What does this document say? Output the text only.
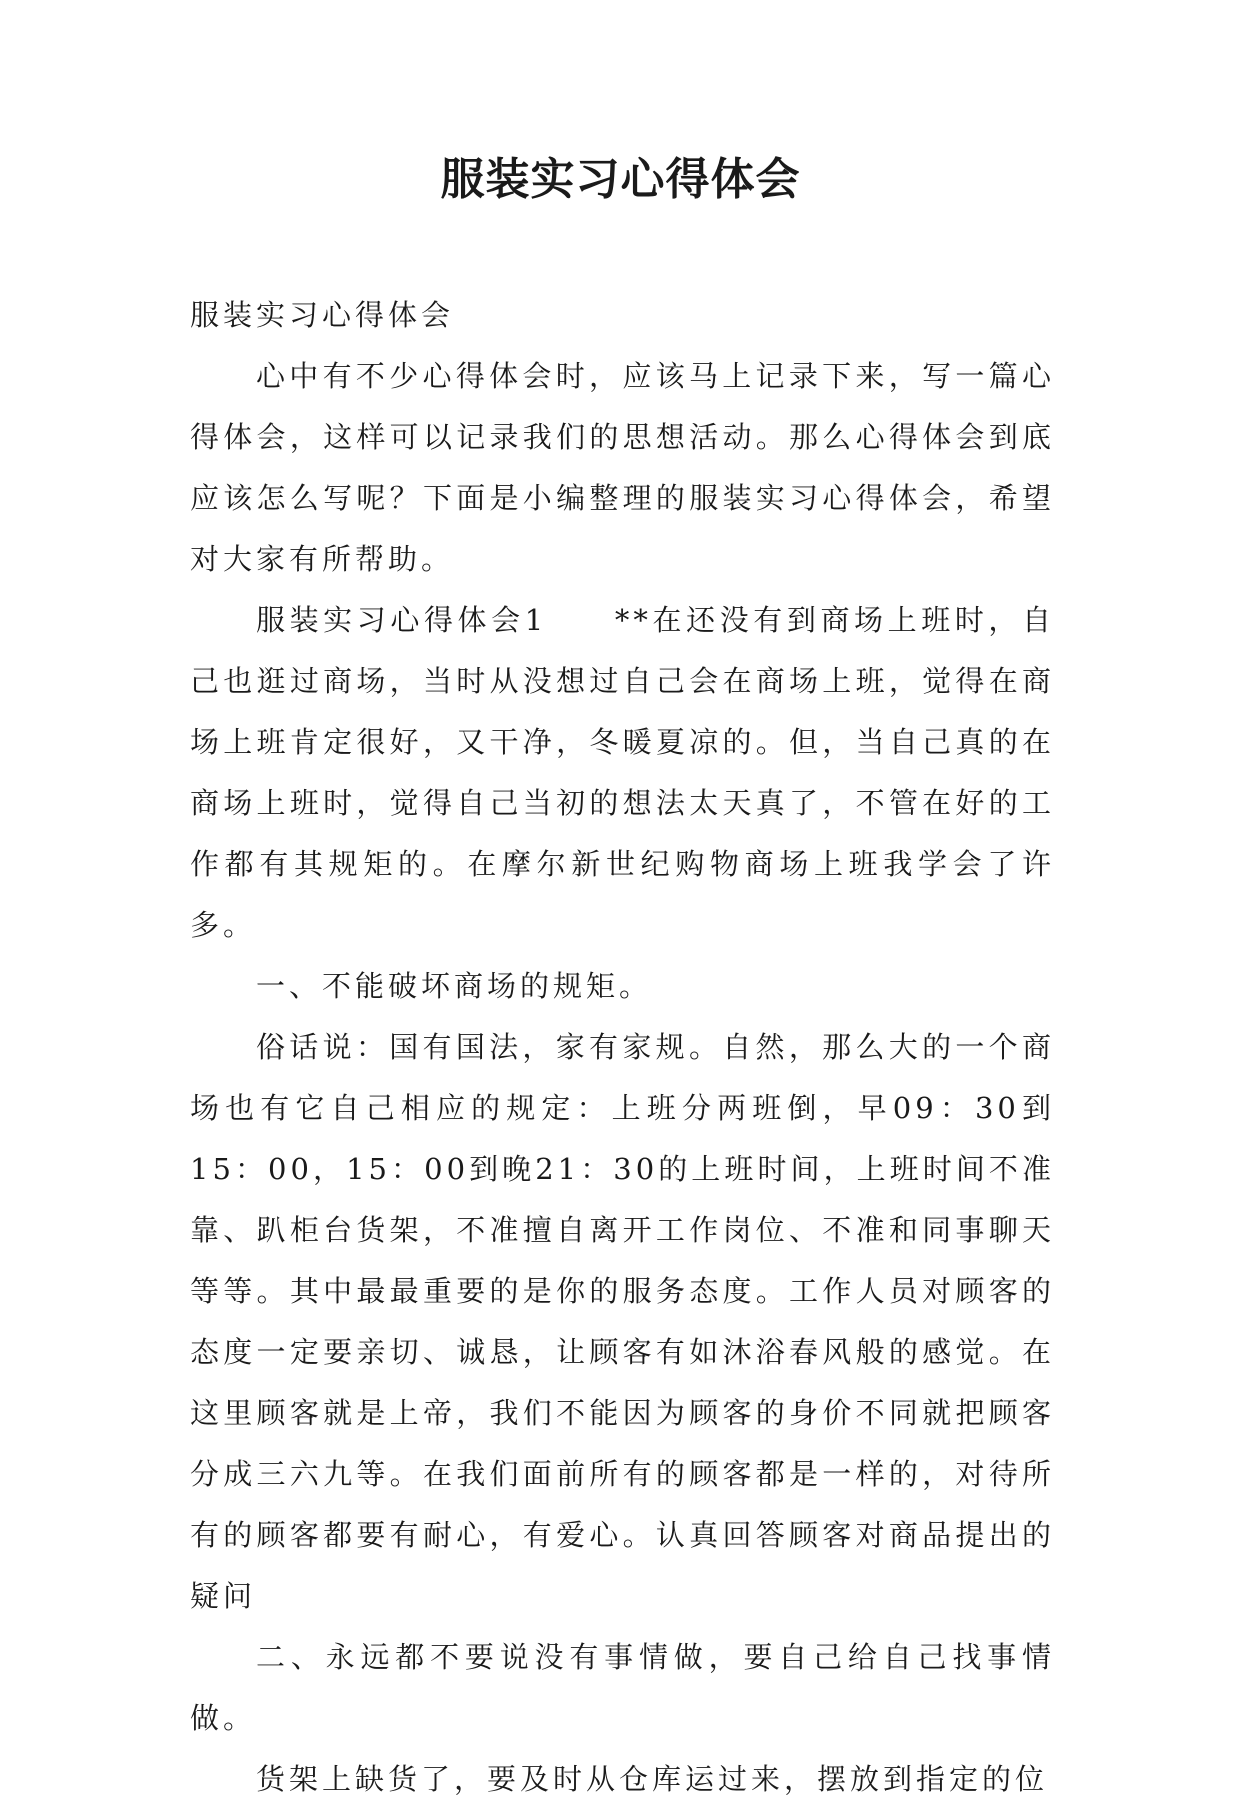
服装实习心得体会

服装实习心得体会

心中有不少心得体会时，应该马上记录下来，写一篇心得体会，这样可以记录我们的思想活动。那么心得体会到底应该怎么写呢？下面是小编整理的服装实习心得体会，希望对大家有所帮助。

服装实习心得体会1　　**在还没有到商场上班时，自己也逛过商场，当时从没想过自己会在商场上班，觉得在商场上班肯定很好，又干净，冬暖夏凉的。但，当自己真的在商场上班时，觉得自己当初的想法太天真了，不管在好的工作都有其规矩的。在摩尔新世纪购物商场上班我学会了许多。

一、不能破坏商场的规矩。

俗话说：国有国法，家有家规。自然，那么大的一个商场也有它自己相应的规定：上班分两班倒，早09：30到15：00，15：00到晚21：30的上班时间，上班时间不准靠、趴柜台货架，不准擅自离开工作岗位、不准和同事聊天等等。其中最最重要的是你的服务态度。工作人员对顾客的态度一定要亲切、诚恳，让顾客有如沐浴春风般的感觉。在这里顾客就是上帝，我们不能因为顾客的身价不同就把顾客分成三六九等。在我们面前所有的顾客都是一样的，对待所有的顾客都要有耐心，有爱心。认真回答顾客对商品提出的疑问

二、永远都不要说没有事情做，要自己给自己找事情做。

货架上缺货了，要及时从仓库运过来，摆放到指定的位
